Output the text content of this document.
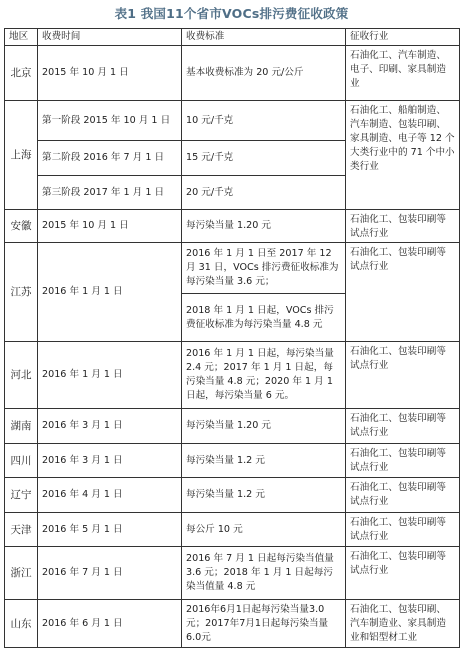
表1 我国11个省市VOCs排污费征收政策
地区	收费时间	收费标准	征收行业
北京	2015 年 10 月 1 日	基本收费标准为 20 元/公斤	石油化工、汽车制造、电子、印刷、家具制造业
上海	第一阶段 2015 年 10 月 1 日	10 元/千克	石油化工、船舶制造、汽车制造、包装印刷、家具制造、电子等 12 个大类行业中的 71 个中小类行业
	第二阶段 2016 年 7 月 1 日	15 元/千克	
	第三阶段 2017 年 1 月 1 日	20 元/千克	
安徽	2015 年 10 月 1 日	每污染当量 1.20 元	石油化工、包装印刷等试点行业
江苏	2016 年 1 月 1 日	2016 年 1 月 1 日至 2017 年 12 月 31 日，VOCs 排污费征收标准为每污染当量 3.6 元；	石油化工、包装印刷等试点行业
		2018 年 1 月 1 日起，VOCs 排污费征收标准为每污染当量 4.8 元	
河北	2016 年 1 月 1 日	2016 年 1 月 1 日起，每污染当量 2.4 元；2017 年 1 月 1 日起，每污染当量 4.8 元；2020 年 1 月 1 日起，每污染当量 6 元。	石油化工、包装印刷等试点行业
湖南	2016 年 3 月 1 日	每污染当量 1.20 元	石油化工、包装印刷等试点行业
四川	2016 年 3 月 1 日	每污染当量 1.2 元	石油化工、包装印刷等试点行业
辽宁	2016 年 4 月 1 日	每污染当量 1.2 元	石油化工、包装印刷等试点行业
天津	2016 年 5 月 1 日	每公斤 10 元	石油化工、包装印刷等试点行业
浙江	2016 年 7 月 1 日	2016 年 7 月 1 日起每污染当值量 3.6 元；2018 年 1 月 1 日起每污染当值量 4.8 元	石油化工、包装印刷等试点行业
山东	2016 年 6 月 1 日	2016年6月1日起每污染当量3.0元；2017年7月1日起每污染当量6.0元	石油化工、包装印刷、汽车制造业、家具制造业和铝型材工业
